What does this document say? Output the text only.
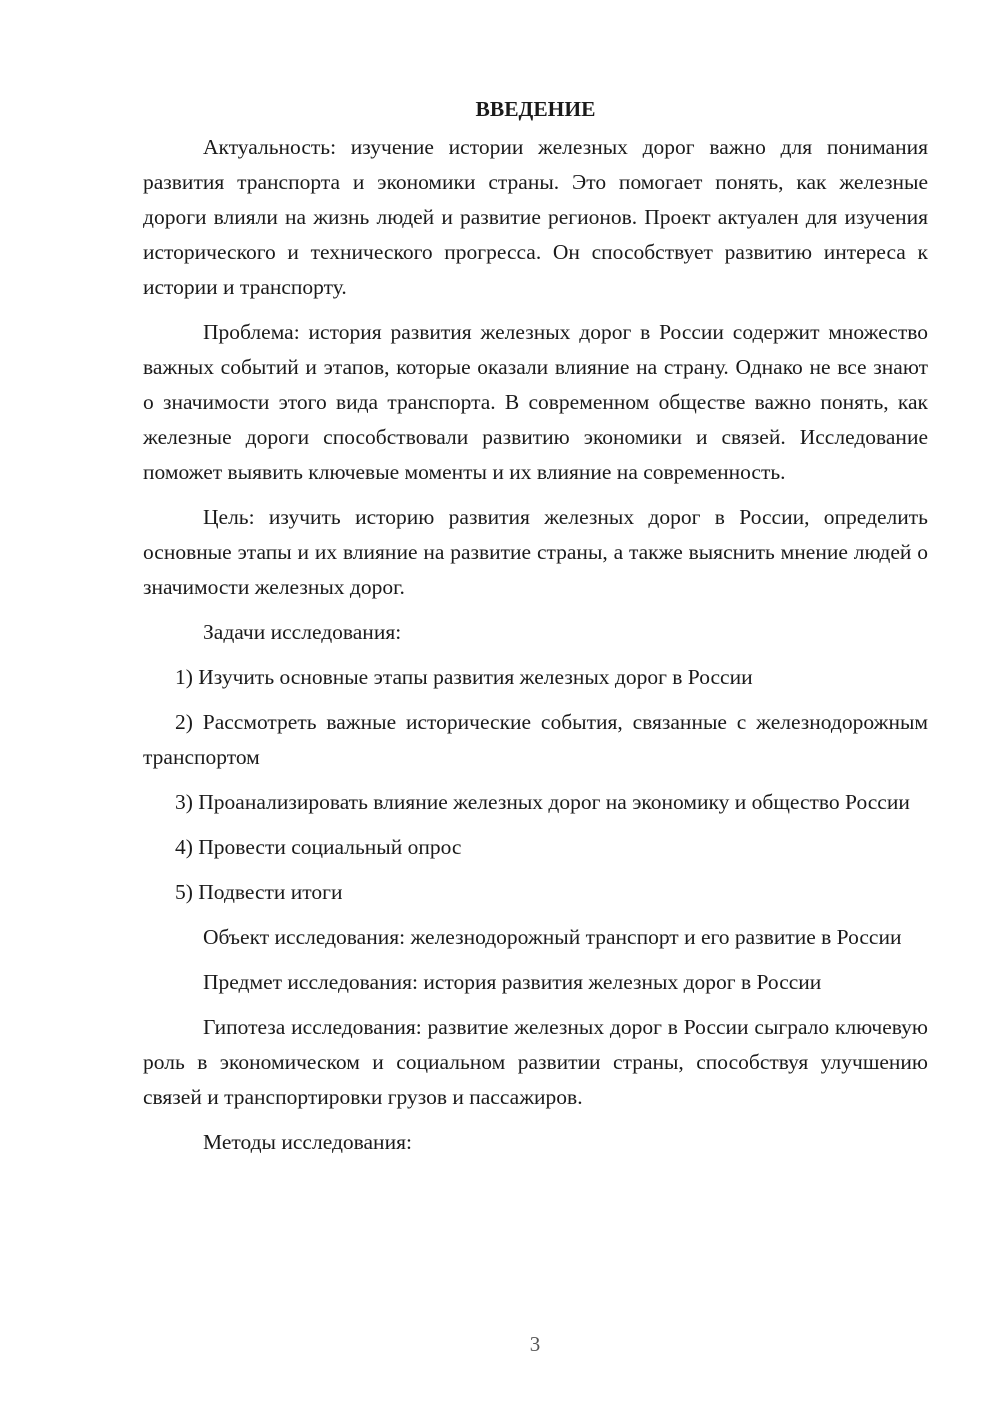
ВВЕДЕНИЕ

Актуальность: изучение истории железных дорог важно для понимания развития транспорта и экономики страны. Это помогает понять, как железные дороги влияли на жизнь людей и развитие регионов. Проект актуален для изучения исторического и технического прогресса. Он способствует развитию интереса к истории и транспорту.

Проблема: история развития железных дорог в России содержит множество важных событий и этапов, которые оказали влияние на страну. Однако не все знают о значимости этого вида транспорта. В современном обществе важно понять, как железные дороги способствовали развитию экономики и связей. Исследование поможет выявить ключевые моменты и их влияние на современность.

Цель: изучить историю развития железных дорог в России, определить основные этапы и их влияние на развитие страны, а также выяснить мнение людей о значимости железных дорог.

Задачи исследования:

1) Изучить основные этапы развития железных дорог в России

2) Рассмотреть важные исторические события, связанные с железнодорожным транспортом

3) Проанализировать влияние железных дорог на экономику и общество России

4) Провести социальный опрос

5) Подвести итоги

Объект исследования: железнодорожный транспорт и его развитие в России

Предмет исследования: история развития железных дорог в России

Гипотеза исследования: развитие железных дорог в России сыграло ключевую роль в экономическом и социальном развитии страны, способствуя улучшению связей и транспортировки грузов и пассажиров.

Методы исследования:

3
